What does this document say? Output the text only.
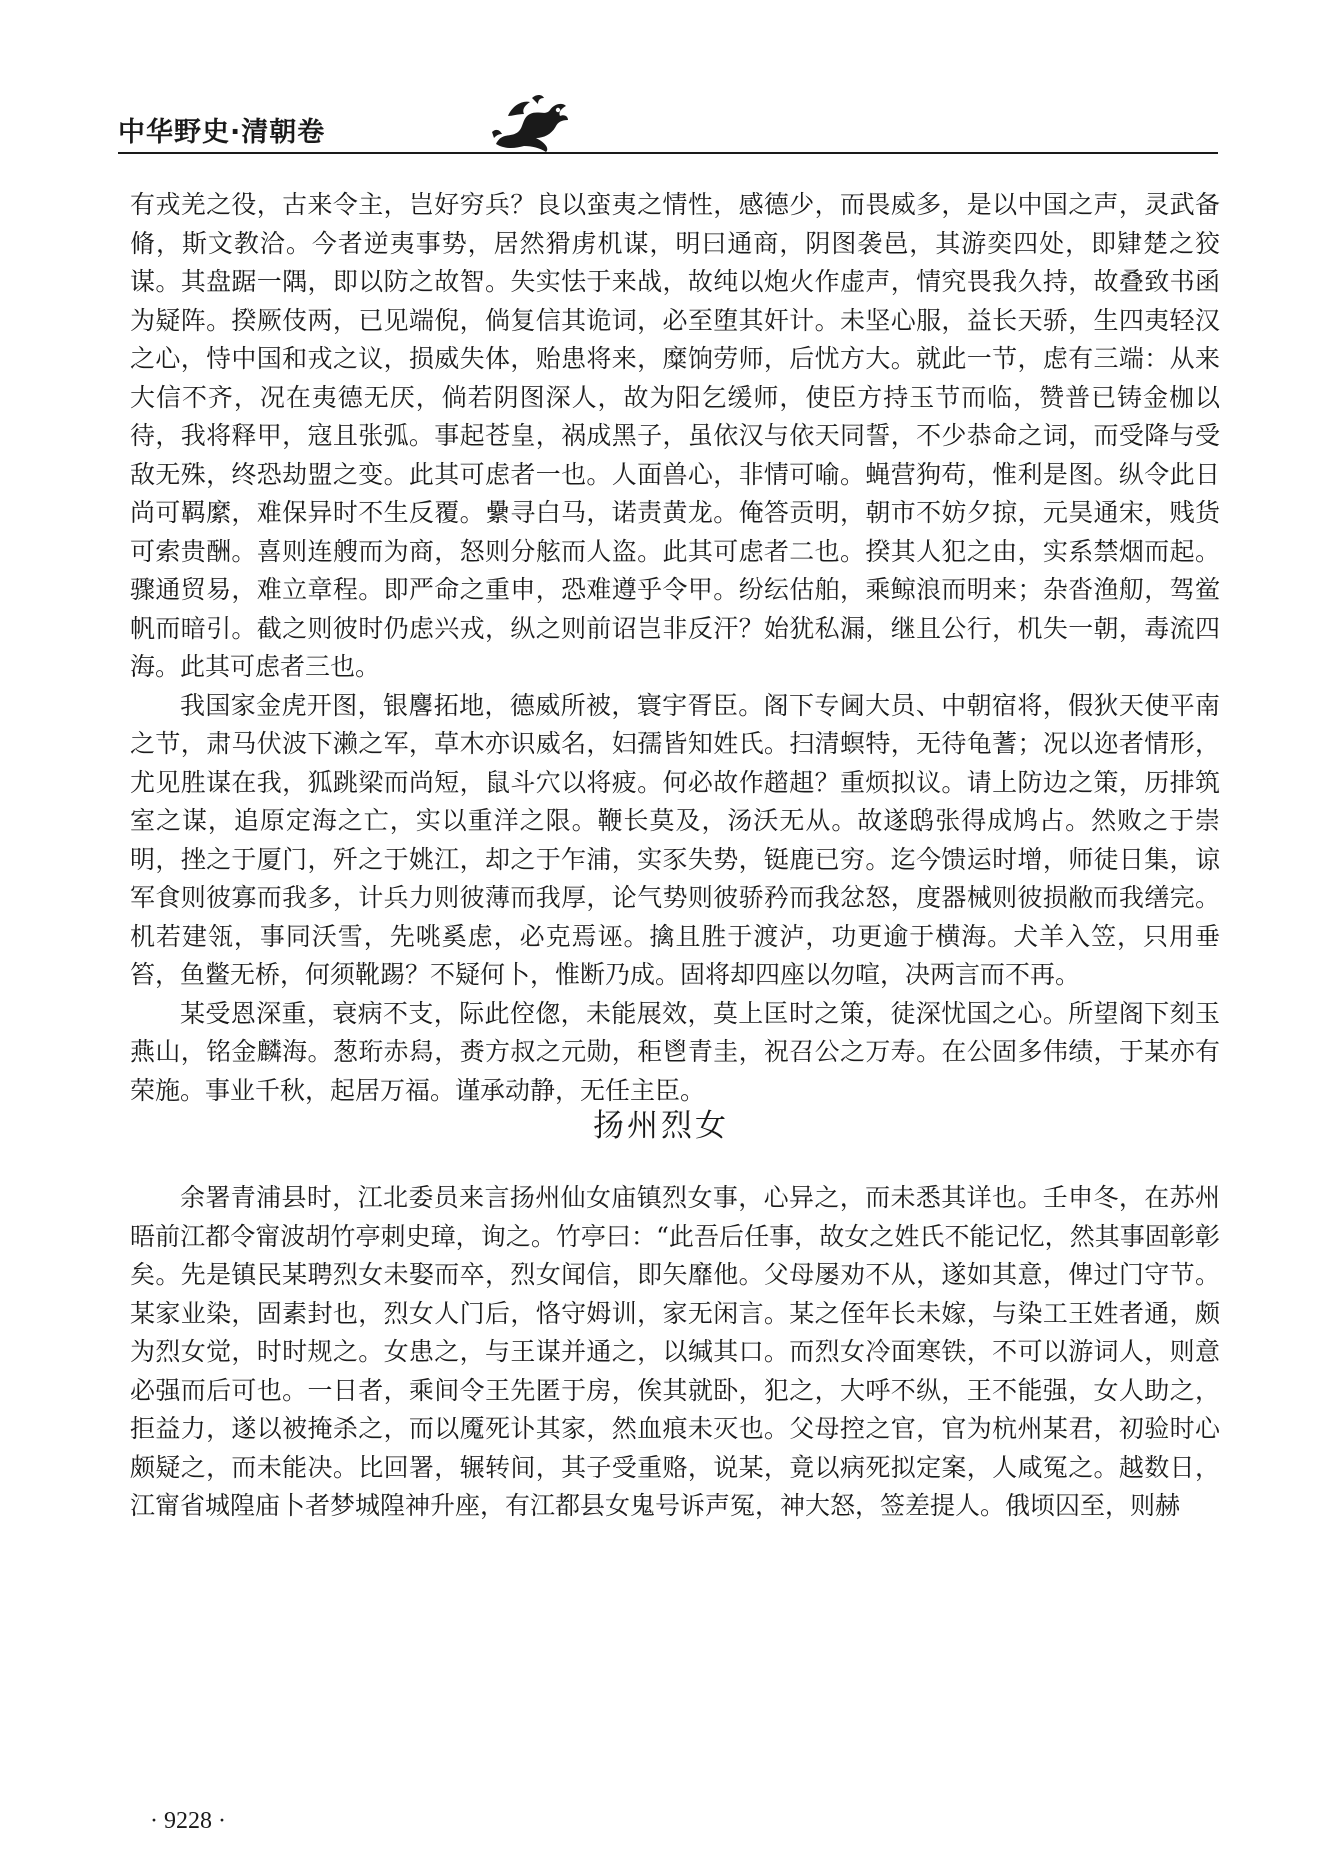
中华野史·清朝卷

有戎羌之役，古来令主，岂好穷兵？良以蛮夷之情性，感德少，而畏威多，是以中国之声，灵武备脩，斯文教洽。今者逆夷事势，居然猾虏机谋，明曰通商，阴图袭邑，其游奕四处，即肄楚之狡谋。其盘踞一隅，即以防之故智。失实怯于来战，故纯以炮火作虚声，情究畏我久持，故叠致书函为疑阵。揆厥伎两，已见端倪，倘复信其诡词，必至堕其奸计。未坚心服，益长天骄，生四夷轻汉之心，恃中国和戎之议，损威失体，贻患将来，糜饷劳师，后忧方大。就此一节，虑有三端：从来大信不齐，况在夷德无厌，倘若阴图深人，故为阳乞缓师，使臣方持玉节而临，赞普已铸金枷以待，我将释甲，寇且张弧。事起苍皇，祸成黑子，虽依汉与依天同誓，不少恭命之词，而受降与受敌无殊，终恐劫盟之变。此其可虑者一也。人面兽心，非情可喻。蝇营狗苟，惟利是图。纵令此日尚可羁縻，难保异时不生反覆。纍寻白马，诺责黄龙。俺答贡明，朝市不妨夕掠，元昊通宋，贱货可索贵酬。喜则连艘而为商，怒则分舷而人盗。此其可虑者二也。揆其人犯之由，实系禁烟而起。骤通贸易，难立章程。即严命之重申，恐难遵乎令甲。纷纭估舶，乘鲸浪而明来；杂沓渔舠，驾鲎帆而暗引。截之则彼时仍虑兴戎，纵之则前诏岂非反汗？始犹私漏，继且公行，机失一朝，毒流四海。此其可虑者三也。

我国家金虎开图，银麐拓地，德威所被，寰宇胥臣。阁下专阃大员、中朝宿将，假狄天使平南之节，肃马伏波下濑之军，草木亦识威名，妇孺皆知姓氏。扫清螟特，无待龟蓍；况以迩者情形，尤见胜谋在我，狐跳梁而尚短，鼠斗穴以将疲。何必故作趦趄？重烦拟议。请上防边之策，历排筑室之谋，追原定海之亡，实以重洋之限。鞭长莫及，汤沃无从。故遂鸱张得成鸠占。然败之于崇明，挫之于厦门，歼之于姚江，却之于乍浦，实豕失势，铤鹿已穷。迄今馈运时增，师徒日集，谅军食则彼寡而我多，计兵力则彼薄而我厚，论气势则彼骄矜而我忿怒，度器械则彼损敝而我缮完。机若建瓴，事同沃雪，先咷奚虑，必克焉诬。擒且胜于渡泸，功更逾于横海。犬羊入笠，只用垂笞，鱼鳖无桥，何须靴踢？不疑何卜，惟断乃成。固将却四座以勿喧，决两言而不再。

某受恩深重，衰病不支，际此倥偬，未能展效，莫上匡时之策，徒深忧国之心。所望阁下刻玉燕山，铭金麟海。葱珩赤舄，赉方叔之元勋，秬鬯青圭，祝召公之万寿。在公固多伟绩，于某亦有荣施。事业千秋，起居万福。谨承动静，无任主臣。

扬州烈女

余署青浦县时，江北委员来言扬州仙女庙镇烈女事，心异之，而未悉其详也。壬申冬，在苏州晤前江都令甯波胡竹亭刺史璋，询之。竹亭曰：“此吾后任事，故女之姓氏不能记忆，然其事固彰彰矣。先是镇民某聘烈女未娶而卒，烈女闻信，即矢靡他。父母屡劝不从，遂如其意，俾过门守节。某家业染，固素封也，烈女人门后，恪守姆训，家无闲言。某之侄年长未嫁，与染工王姓者通，颇为烈女觉，时时规之。女患之，与王谋并通之，以缄其口。而烈女冷面寒铁，不可以游词人，则意必强而后可也。一日者，乘间令王先匿于房，俟其就卧，犯之，大呼不纵，王不能强，女人助之，拒益力，遂以被掩杀之，而以魇死讣其家，然血痕未灭也。父母控之官，官为杭州某君，初验时心颇疑之，而未能决。比回署，辗转间，其子受重赂，说某，竟以病死拟定案，人咸冤之。越数日，江甯省城隍庙卜者梦城隍神升座，有江都县女鬼号诉声冤，神大怒，签差提人。俄顷囚至，则赫

· 9228 ·
